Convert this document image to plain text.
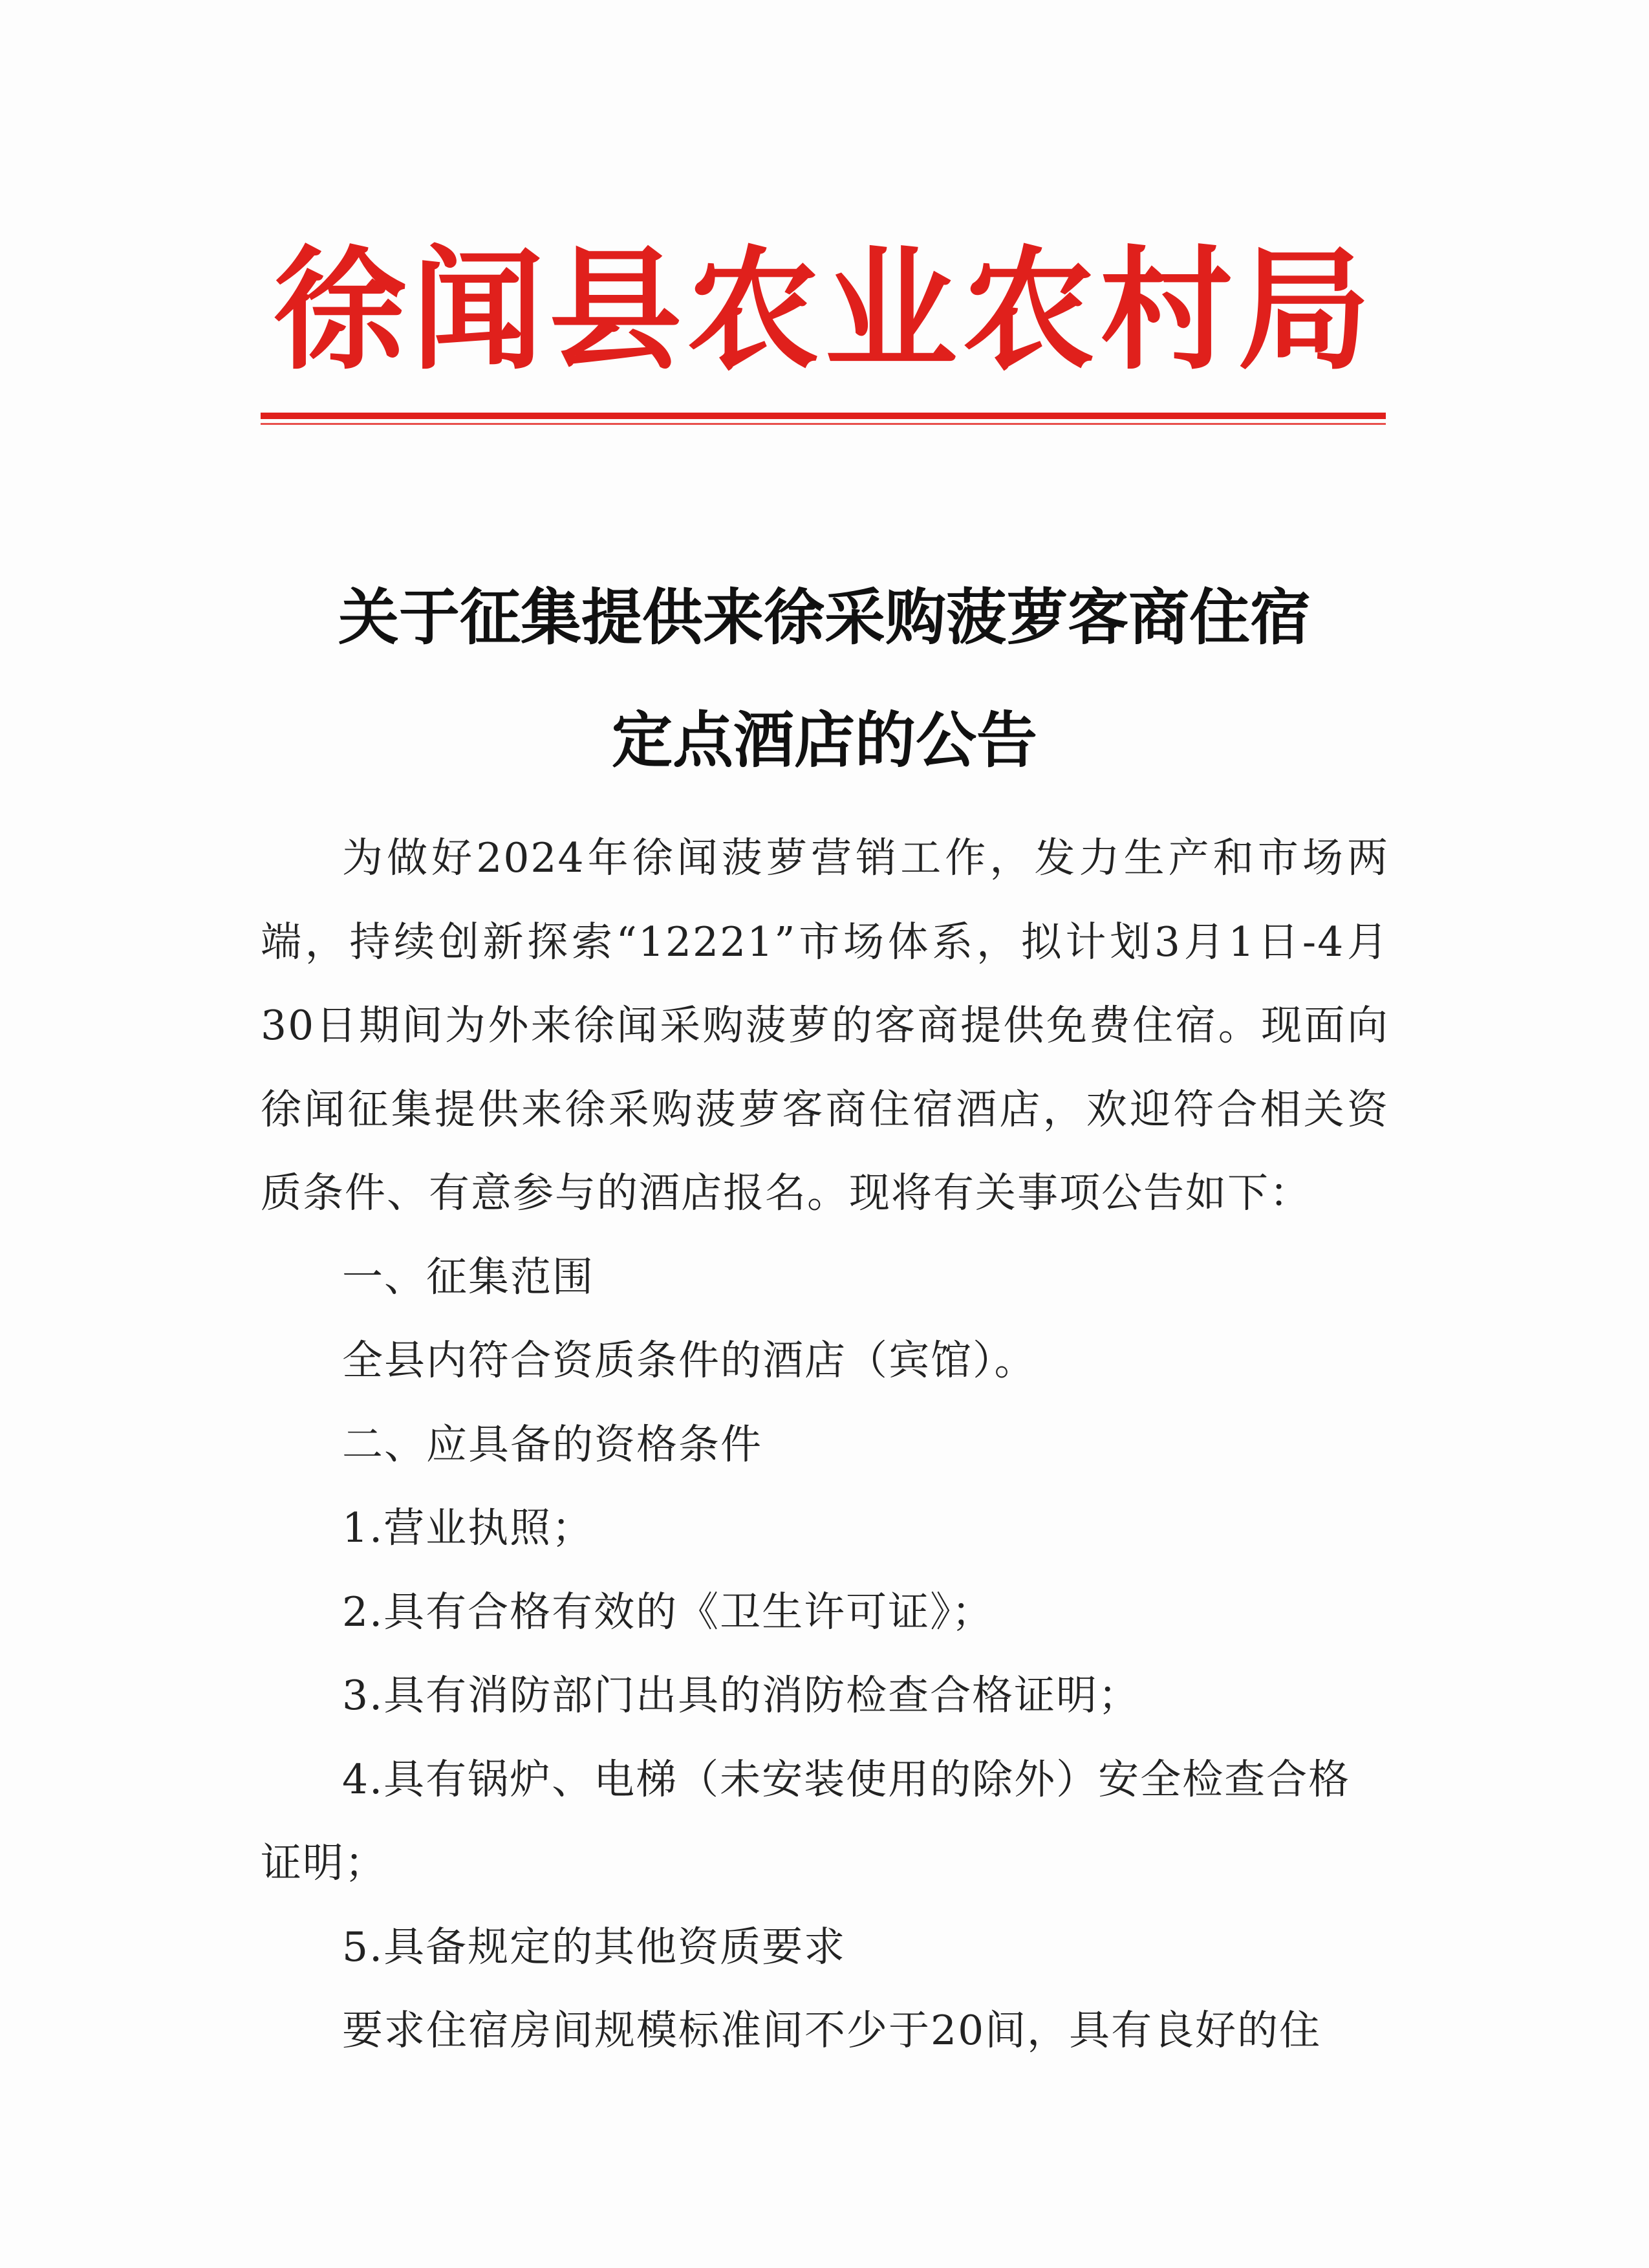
徐闻县农业农村局
关于征集提供来徐采购菠萝客商住宿
定点酒店的公告

为做好2024年徐闻菠萝营销工作，发力生产和市场两端，持续创新探索“12221”市场体系，拟计划3月1日-4月30日期间为外来徐闻采购菠萝的客商提供免费住宿。现面向徐闻征集提供来徐采购菠萝客商住宿酒店，欢迎符合相关资质条件、有意参与的酒店报名。现将有关事项公告如下：

一、征集范围

全县内符合资质条件的酒店（宾馆）。

二、应具备的资格条件

1.营业执照；

2.具有合格有效的《卫生许可证》；

3.具有消防部门出具的消防检查合格证明；

4.具有锅炉、电梯（未安装使用的除外）安全检查合格

证明；

5.具备规定的其他资质要求

要求住宿房间规模标准间不少于20间，具有良好的住
